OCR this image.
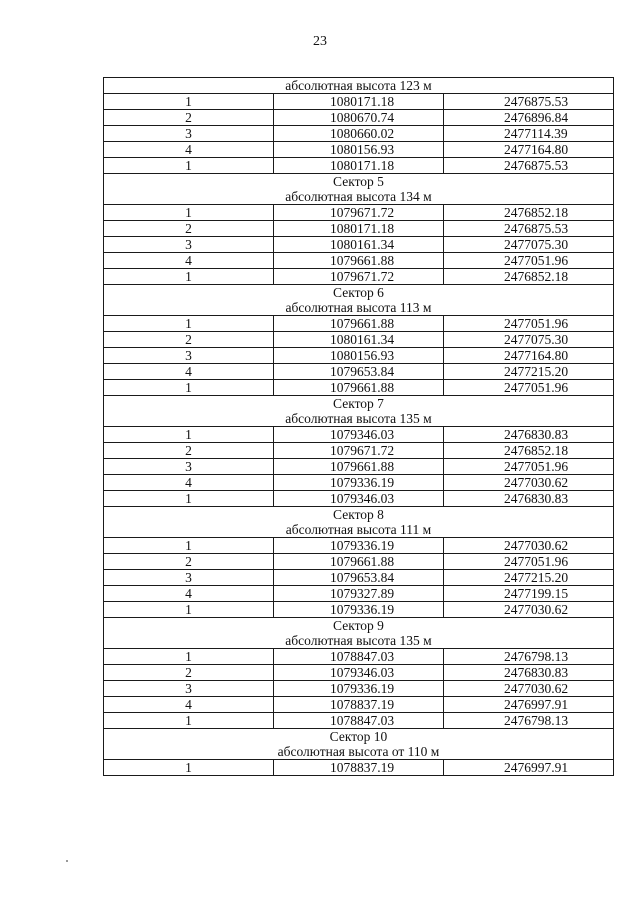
23
абсолютная высота 123 м		
1	1080171.18	2476875.53
2	1080670.74	2476896.84
3	1080660.02	2477114.39
4	1080156.93	2477164.80
1	1080171.18	2476875.53
Сектор 5		
абсолютная высота 134 м		
1	1079671.72	2476852.18
2	1080171.18	2476875.53
3	1080161.34	2477075.30
4	1079661.88	2477051.96
1	1079671.72	2476852.18
Сектор 6		
абсолютная высота 113 м		
1	1079661.88	2477051.96
2	1080161.34	2477075.30
3	1080156.93	2477164.80
4	1079653.84	2477215.20
1	1079661.88	2477051.96
Сектор 7		
абсолютная высота 135 м		
1	1079346.03	2476830.83
2	1079671.72	2476852.18
3	1079661.88	2477051.96
4	1079336.19	2477030.62
1	1079346.03	2476830.83
Сектор 8		
абсолютная высота 111 м		
1	1079336.19	2477030.62
2	1079661.88	2477051.96
3	1079653.84	2477215.20
4	1079327.89	2477199.15
1	1079336.19	2477030.62
Сектор 9		
абсолютная высота 135 м		
1	1078847.03	2476798.13
2	1079346.03	2476830.83
3	1079336.19	2477030.62
4	1078837.19	2476997.91
1	1078847.03	2476798.13
Сектор 10		
абсолютная высота от 110 м		
1	1078837.19	2476997.91
